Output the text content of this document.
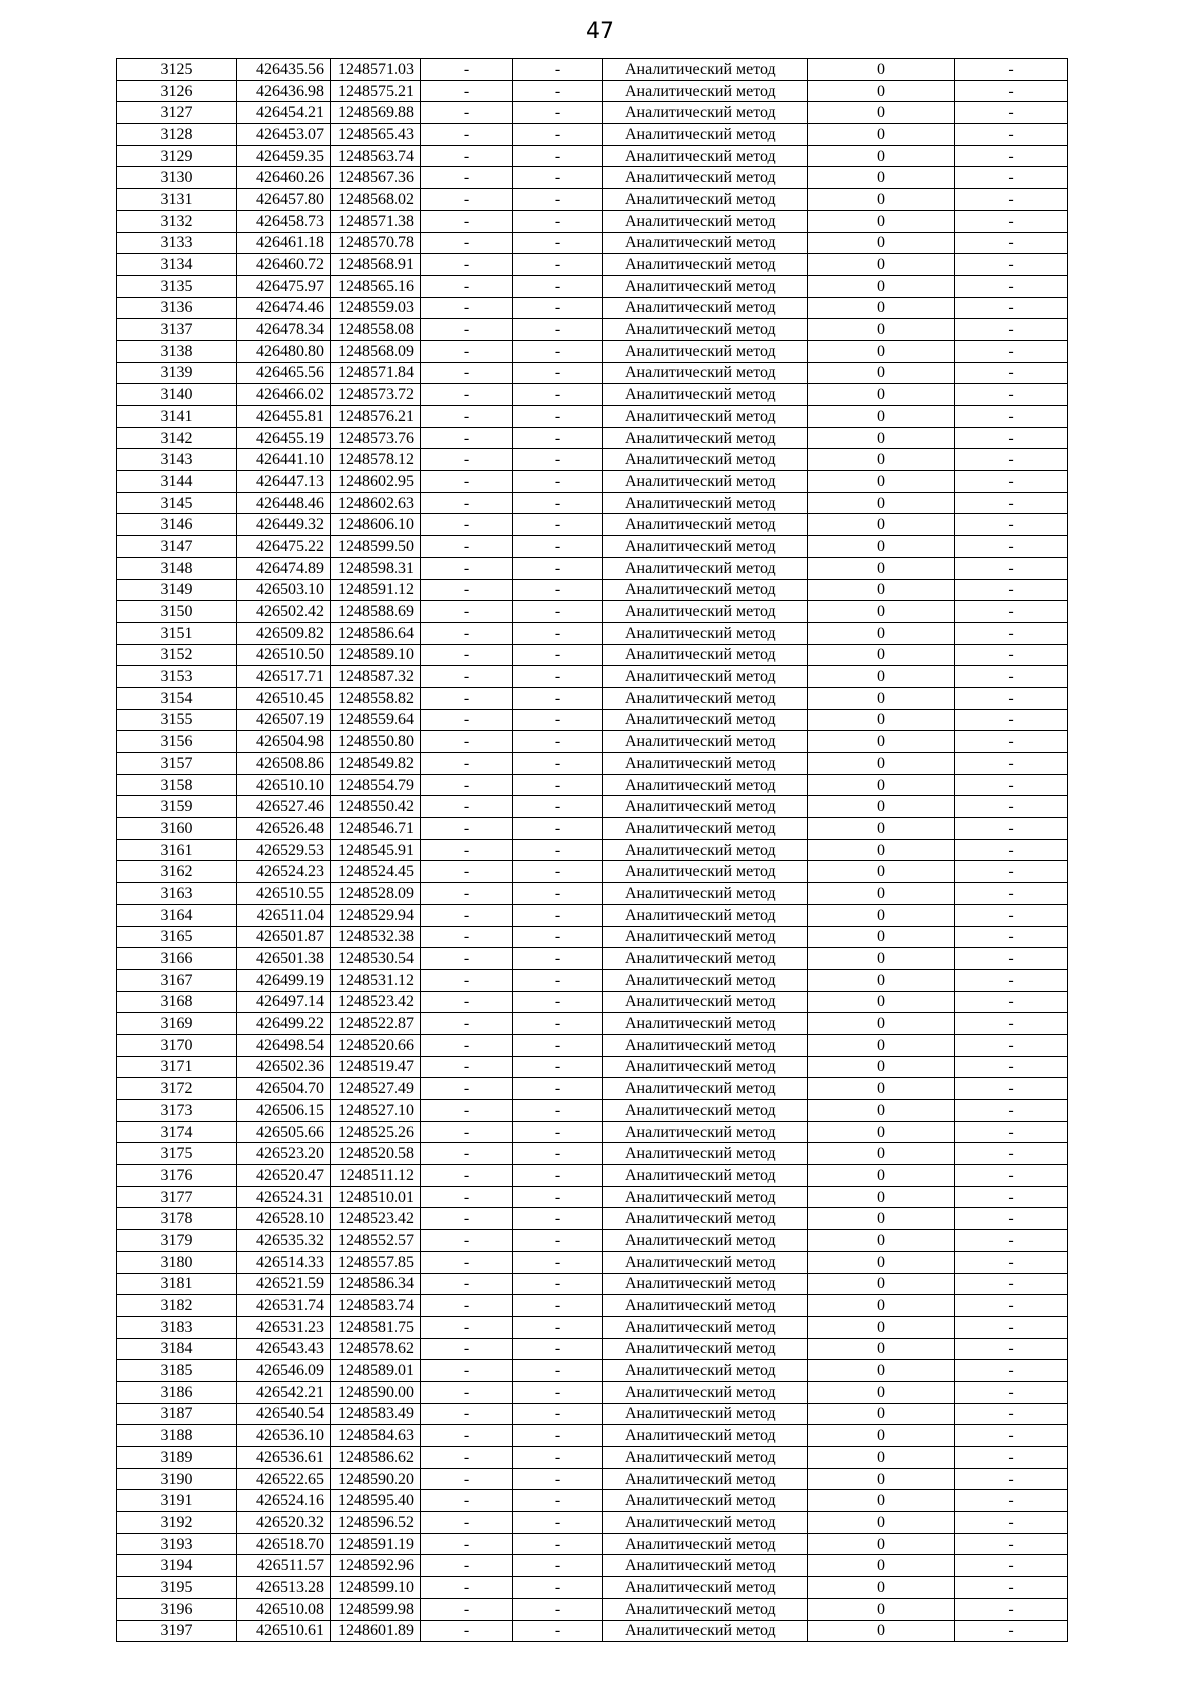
47
3125	426435.56	1248571.03	-	-	Аналитический метод	0	-
3126	426436.98	1248575.21	-	-	Аналитический метод	0	-
3127	426454.21	1248569.88	-	-	Аналитический метод	0	-
3128	426453.07	1248565.43	-	-	Аналитический метод	0	-
3129	426459.35	1248563.74	-	-	Аналитический метод	0	-
3130	426460.26	1248567.36	-	-	Аналитический метод	0	-
3131	426457.80	1248568.02	-	-	Аналитический метод	0	-
3132	426458.73	1248571.38	-	-	Аналитический метод	0	-
3133	426461.18	1248570.78	-	-	Аналитический метод	0	-
3134	426460.72	1248568.91	-	-	Аналитический метод	0	-
3135	426475.97	1248565.16	-	-	Аналитический метод	0	-
3136	426474.46	1248559.03	-	-	Аналитический метод	0	-
3137	426478.34	1248558.08	-	-	Аналитический метод	0	-
3138	426480.80	1248568.09	-	-	Аналитический метод	0	-
3139	426465.56	1248571.84	-	-	Аналитический метод	0	-
3140	426466.02	1248573.72	-	-	Аналитический метод	0	-
3141	426455.81	1248576.21	-	-	Аналитический метод	0	-
3142	426455.19	1248573.76	-	-	Аналитический метод	0	-
3143	426441.10	1248578.12	-	-	Аналитический метод	0	-
3144	426447.13	1248602.95	-	-	Аналитический метод	0	-
3145	426448.46	1248602.63	-	-	Аналитический метод	0	-
3146	426449.32	1248606.10	-	-	Аналитический метод	0	-
3147	426475.22	1248599.50	-	-	Аналитический метод	0	-
3148	426474.89	1248598.31	-	-	Аналитический метод	0	-
3149	426503.10	1248591.12	-	-	Аналитический метод	0	-
3150	426502.42	1248588.69	-	-	Аналитический метод	0	-
3151	426509.82	1248586.64	-	-	Аналитический метод	0	-
3152	426510.50	1248589.10	-	-	Аналитический метод	0	-
3153	426517.71	1248587.32	-	-	Аналитический метод	0	-
3154	426510.45	1248558.82	-	-	Аналитический метод	0	-
3155	426507.19	1248559.64	-	-	Аналитический метод	0	-
3156	426504.98	1248550.80	-	-	Аналитический метод	0	-
3157	426508.86	1248549.82	-	-	Аналитический метод	0	-
3158	426510.10	1248554.79	-	-	Аналитический метод	0	-
3159	426527.46	1248550.42	-	-	Аналитический метод	0	-
3160	426526.48	1248546.71	-	-	Аналитический метод	0	-
3161	426529.53	1248545.91	-	-	Аналитический метод	0	-
3162	426524.23	1248524.45	-	-	Аналитический метод	0	-
3163	426510.55	1248528.09	-	-	Аналитический метод	0	-
3164	426511.04	1248529.94	-	-	Аналитический метод	0	-
3165	426501.87	1248532.38	-	-	Аналитический метод	0	-
3166	426501.38	1248530.54	-	-	Аналитический метод	0	-
3167	426499.19	1248531.12	-	-	Аналитический метод	0	-
3168	426497.14	1248523.42	-	-	Аналитический метод	0	-
3169	426499.22	1248522.87	-	-	Аналитический метод	0	-
3170	426498.54	1248520.66	-	-	Аналитический метод	0	-
3171	426502.36	1248519.47	-	-	Аналитический метод	0	-
3172	426504.70	1248527.49	-	-	Аналитический метод	0	-
3173	426506.15	1248527.10	-	-	Аналитический метод	0	-
3174	426505.66	1248525.26	-	-	Аналитический метод	0	-
3175	426523.20	1248520.58	-	-	Аналитический метод	0	-
3176	426520.47	1248511.12	-	-	Аналитический метод	0	-
3177	426524.31	1248510.01	-	-	Аналитический метод	0	-
3178	426528.10	1248523.42	-	-	Аналитический метод	0	-
3179	426535.32	1248552.57	-	-	Аналитический метод	0	-
3180	426514.33	1248557.85	-	-	Аналитический метод	0	-
3181	426521.59	1248586.34	-	-	Аналитический метод	0	-
3182	426531.74	1248583.74	-	-	Аналитический метод	0	-
3183	426531.23	1248581.75	-	-	Аналитический метод	0	-
3184	426543.43	1248578.62	-	-	Аналитический метод	0	-
3185	426546.09	1248589.01	-	-	Аналитический метод	0	-
3186	426542.21	1248590.00	-	-	Аналитический метод	0	-
3187	426540.54	1248583.49	-	-	Аналитический метод	0	-
3188	426536.10	1248584.63	-	-	Аналитический метод	0	-
3189	426536.61	1248586.62	-	-	Аналитический метод	0	-
3190	426522.65	1248590.20	-	-	Аналитический метод	0	-
3191	426524.16	1248595.40	-	-	Аналитический метод	0	-
3192	426520.32	1248596.52	-	-	Аналитический метод	0	-
3193	426518.70	1248591.19	-	-	Аналитический метод	0	-
3194	426511.57	1248592.96	-	-	Аналитический метод	0	-
3195	426513.28	1248599.10	-	-	Аналитический метод	0	-
3196	426510.08	1248599.98	-	-	Аналитический метод	0	-
3197	426510.61	1248601.89	-	-	Аналитический метод	0	-
